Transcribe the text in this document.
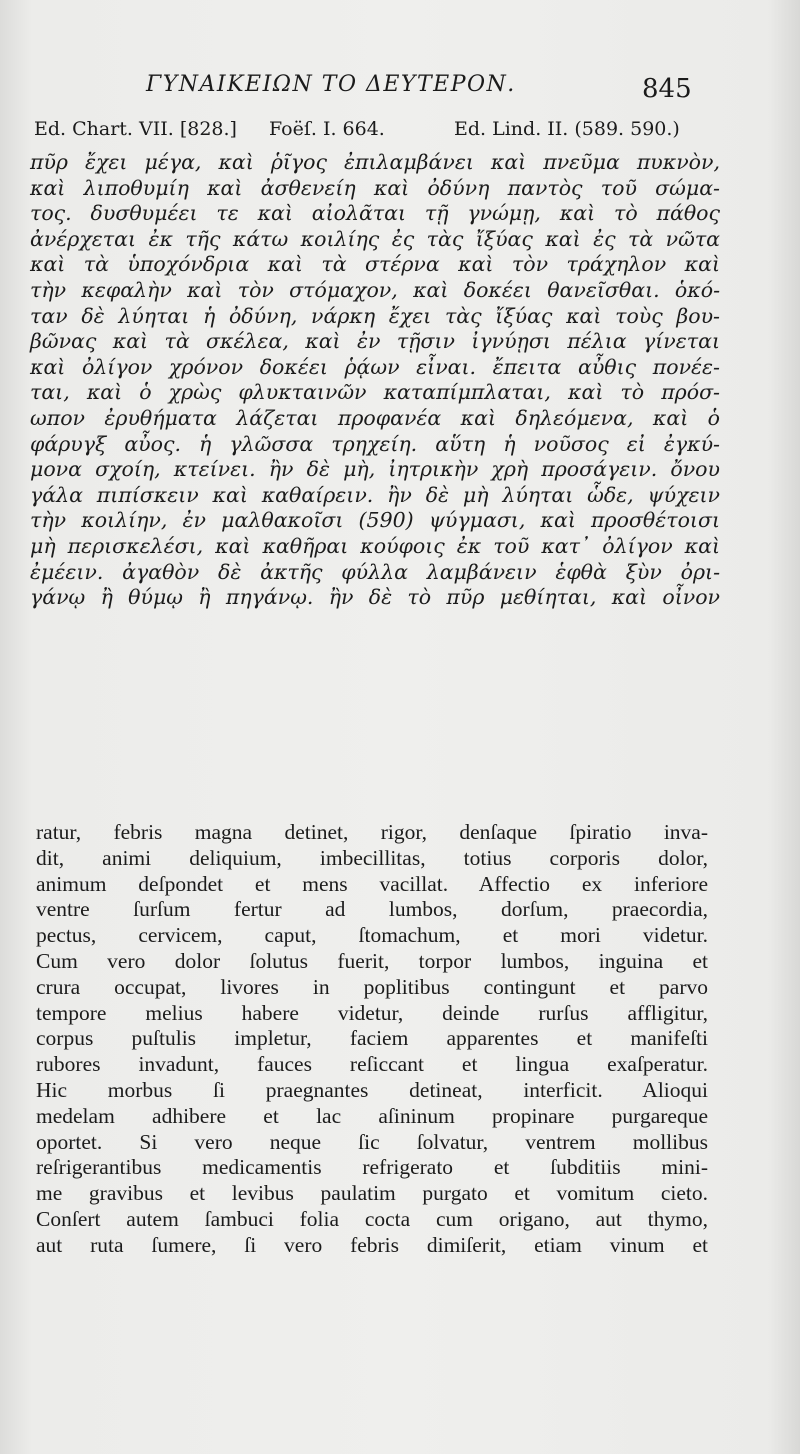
ΓΥΝΑΙΚΕΙΩΝ ΤΟ ΔΕΥΤΕΡΟΝ.	845
Ed. Chart. VII. [828.] Foëſ. I. 664.	Ed. Lind. II. (589. 590.)
πῦρ ἔχει μέγα, καὶ ῥῖγος ἐπιλαμβάνει καὶ πνεῦμα πυκνὸν,
καὶ λιποθυμίη καὶ ἀσθενείη καὶ ὀδύνη παντὸς τοῦ σώμα-
τος. δυσθυμέει τε καὶ αἰολᾶται τῇ γνώμῃ, καὶ τὸ πάθος
ἀνέρχεται ἐκ τῆς κάτω κοιλίης ἐς τὰς ἴξύας καὶ ἐς τὰ νῶτα
καὶ τὰ ὑποχόνδρια καὶ τὰ στέρνα καὶ τὸν τράχηλον καὶ
τὴν κεφαλὴν καὶ τὸν στόμαχον, καὶ δοκέει θανεῖσθαι. ὁκό-
ταν δὲ λύηται ἡ ὀδύνη, νάρκη ἔχει τὰς ἴξύας καὶ τοὺς βου-
βῶνας καὶ τὰ σκέλεα, καὶ ἐν τῇσιν ἰγνύῃσι πέλια γίνεται
καὶ ὀλίγον χρόνον δοκέει ῥᾴων εἶναι. ἔπειτα αὖθις πονέε-
ται, καὶ ὁ χρὼς φλυκταινῶν καταπίμπλαται, καὶ τὸ πρόσ-
ωπον ἐρυθήματα λάζεται προφανέα καὶ δηλεόμενα, καὶ ὁ
φάρυγξ αὖος. ἡ γλῶσσα τρηχείη. αὕτη ἡ νοῦσος εἰ ἐγκύ-
μονα σχοίη, κτείνει. ἢν δὲ μὴ, ἰητρικὴν χρὴ προσάγειν. ὄνου
γάλα πιπίσκειν καὶ καθαίρειν. ἢν δὲ μὴ λύηται ὧδε, ψύχειν
τὴν κοιλίην, ἐν μαλθακοῖσι (590) ψύγμασι, καὶ προσθέτοισι
μὴ περισκελέσι, καὶ καθῆραι κούφοις ἐκ τοῦ κατ᾽ ὀλίγον καὶ
ἐμέειν. ἀγαθὸν δὲ ἀκτῆς φύλλα λαμβάνειν ἑφθὰ ξὺν ὀρι-
γάνῳ ἢ θύμῳ ἢ πηγάνῳ. ἢν δὲ τὸ πῦρ μεθίηται, καὶ οἶνον
ratur, febris magna detinet, rigor, denſaque ſpiratio inva-
dit, animi deliquium, imbecillitas, totius corporis dolor,
animum deſpondet et mens vacillat. Affectio ex inferiore
ventre ſurſum fertur ad lumbos, dorſum, praecordia,
pectus, cervicem, caput, ſtomachum, et mori videtur.
Cum vero dolor ſolutus fuerit, torpor lumbos, inguina et
crura occupat, livores in poplitibus contingunt et parvo
tempore melius habere videtur, deinde rurſus affligitur,
corpus puſtulis impletur, faciem apparentes et manifeſti
rubores invadunt, fauces reſiccant et lingua exaſperatur.
Hic morbus ſi praegnantes detineat, interficit. Alioqui
medelam adhibere et lac aſininum propinare purgareque
oportet. Si vero neque ſic ſolvatur, ventrem mollibus
reſrigerantibus medicamentis refrigerato et ſubditiis mini-
me gravibus et levibus paulatim purgato et vomitum cieto.
Conſert autem ſambuci folia cocta cum origano, aut thymo,
aut ruta ſumere, ſi vero febris dimiſerit, etiam vinum et
